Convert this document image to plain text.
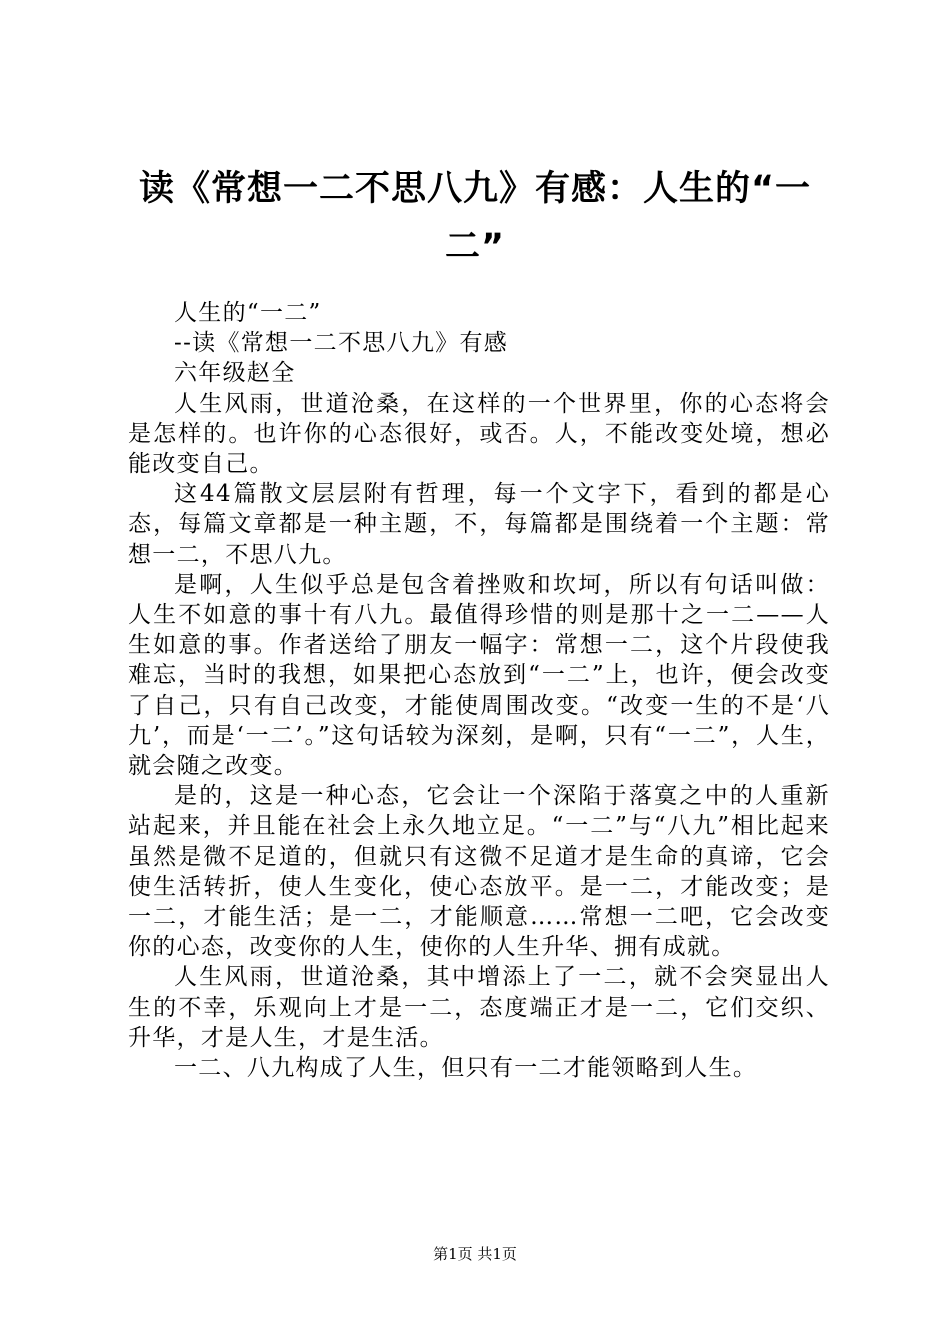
读《常想一二不思八九》有感：人生的“一二”

人生的“一二”

--读《常想一二不思八九》有感

六年级赵全

人生风雨，世道沧桑，在这样的一个世界里，你的心态将会是怎样的。也许你的心态很好，或否。人，不能改变处境，想必能改变自己。

这44篇散文层层附有哲理，每一个文字下，看到的都是心态，每篇文章都是一种主题，不，每篇都是围绕着一个主题：常想一二，不思八九。

是啊，人生似乎总是包含着挫败和坎坷，所以有句话叫做：人生不如意的事十有八九。最值得珍惜的则是那十之一二——人生如意的事。作者送给了朋友一幅字：常想一二，这个片段使我难忘，当时的我想，如果把心态放到“一二”上，也许，便会改变了自己，只有自己改变，才能使周围改变。“改变一生的不是‘八九’，而是‘一二’。”这句话较为深刻，是啊，只有“一二”，人生，就会随之改变。

是的，这是一种心态，它会让一个深陷于落寞之中的人重新站起来，并且能在社会上永久地立足。“一二”与“八九”相比起来虽然是微不足道的，但就只有这微不足道才是生命的真谛，它会使生活转折，使人生变化，使心态放平。是一二，才能改变；是一二，才能生活；是一二，才能顺意……常想一二吧，它会改变你的心态，改变你的人生，使你的人生升华、拥有成就。

人生风雨，世道沧桑，其中增添上了一二，就不会突显出人生的不幸，乐观向上才是一二，态度端正才是一二，它们交织、升华，才是人生，才是生活。

一二、八九构成了人生，但只有一二才能领略到人生。

第1页 共1页
